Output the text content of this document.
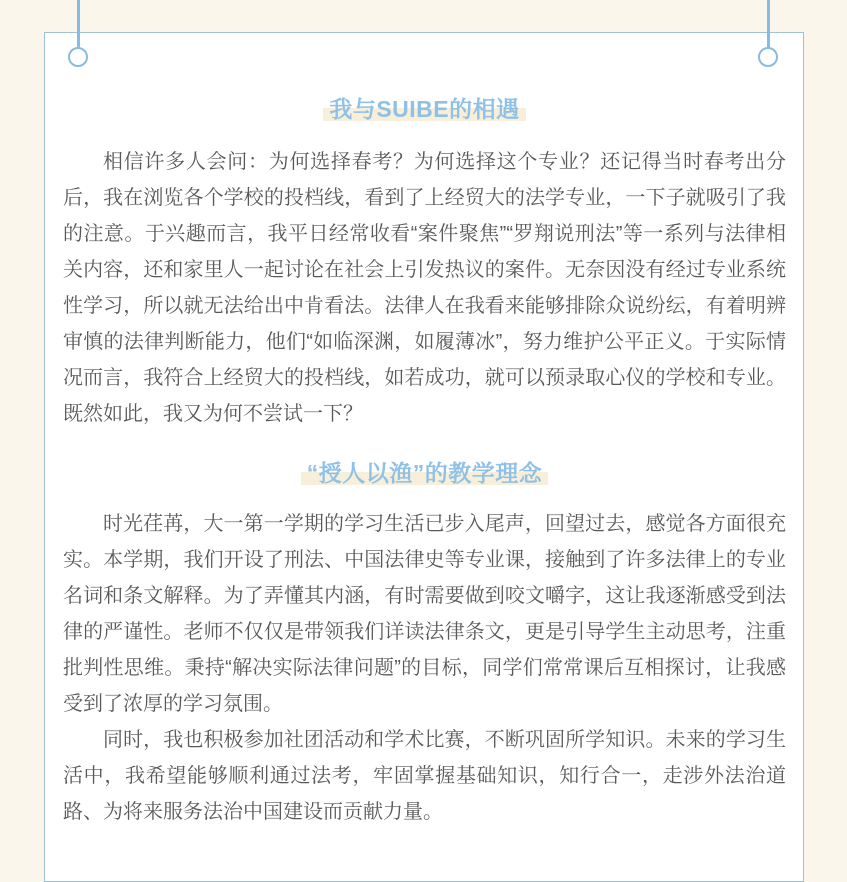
我与SUIBE的相遇

相信许多人会问：为何选择春考？为何选择这个专业？还记得当时春考出分后，我在浏览各个学校的投档线，看到了上经贸大的法学专业，一下子就吸引了我的注意。于兴趣而言，我平日经常收看“案件聚焦”“罗翔说刑法”等一系列与法律相关内容，还和家里人一起讨论在社会上引发热议的案件。无奈因没有经过专业系统性学习，所以就无法给出中肯看法。法律人在我看来能够排除众说纷纭，有着明辨审慎的法律判断能力，他们“如临深渊，如履薄冰”，努力维护公平正义。于实际情况而言，我符合上经贸大的投档线，如若成功，就可以预录取心仪的学校和专业。既然如此，我又为何不尝试一下？

“授人以渔”的教学理念

时光荏苒，大一第一学期的学习生活已步入尾声，回望过去，感觉各方面很充实。本学期，我们开设了刑法、中国法律史等专业课，接触到了许多法律上的专业名词和条文解释。为了弄懂其内涵，有时需要做到咬文嚼字，这让我逐渐感受到法律的严谨性。老师不仅仅是带领我们详读法律条文，更是引导学生主动思考，注重批判性思维。秉持“解决实际法律问题”的目标，同学们常常课后互相探讨，让我感受到了浓厚的学习氛围。

同时，我也积极参加社团活动和学术比赛，不断巩固所学知识。未来的学习生活中，我希望能够顺利通过法考，牢固掌握基础知识，知行合一，走涉外法治道路、为将来服务法治中国建设而贡献力量。
